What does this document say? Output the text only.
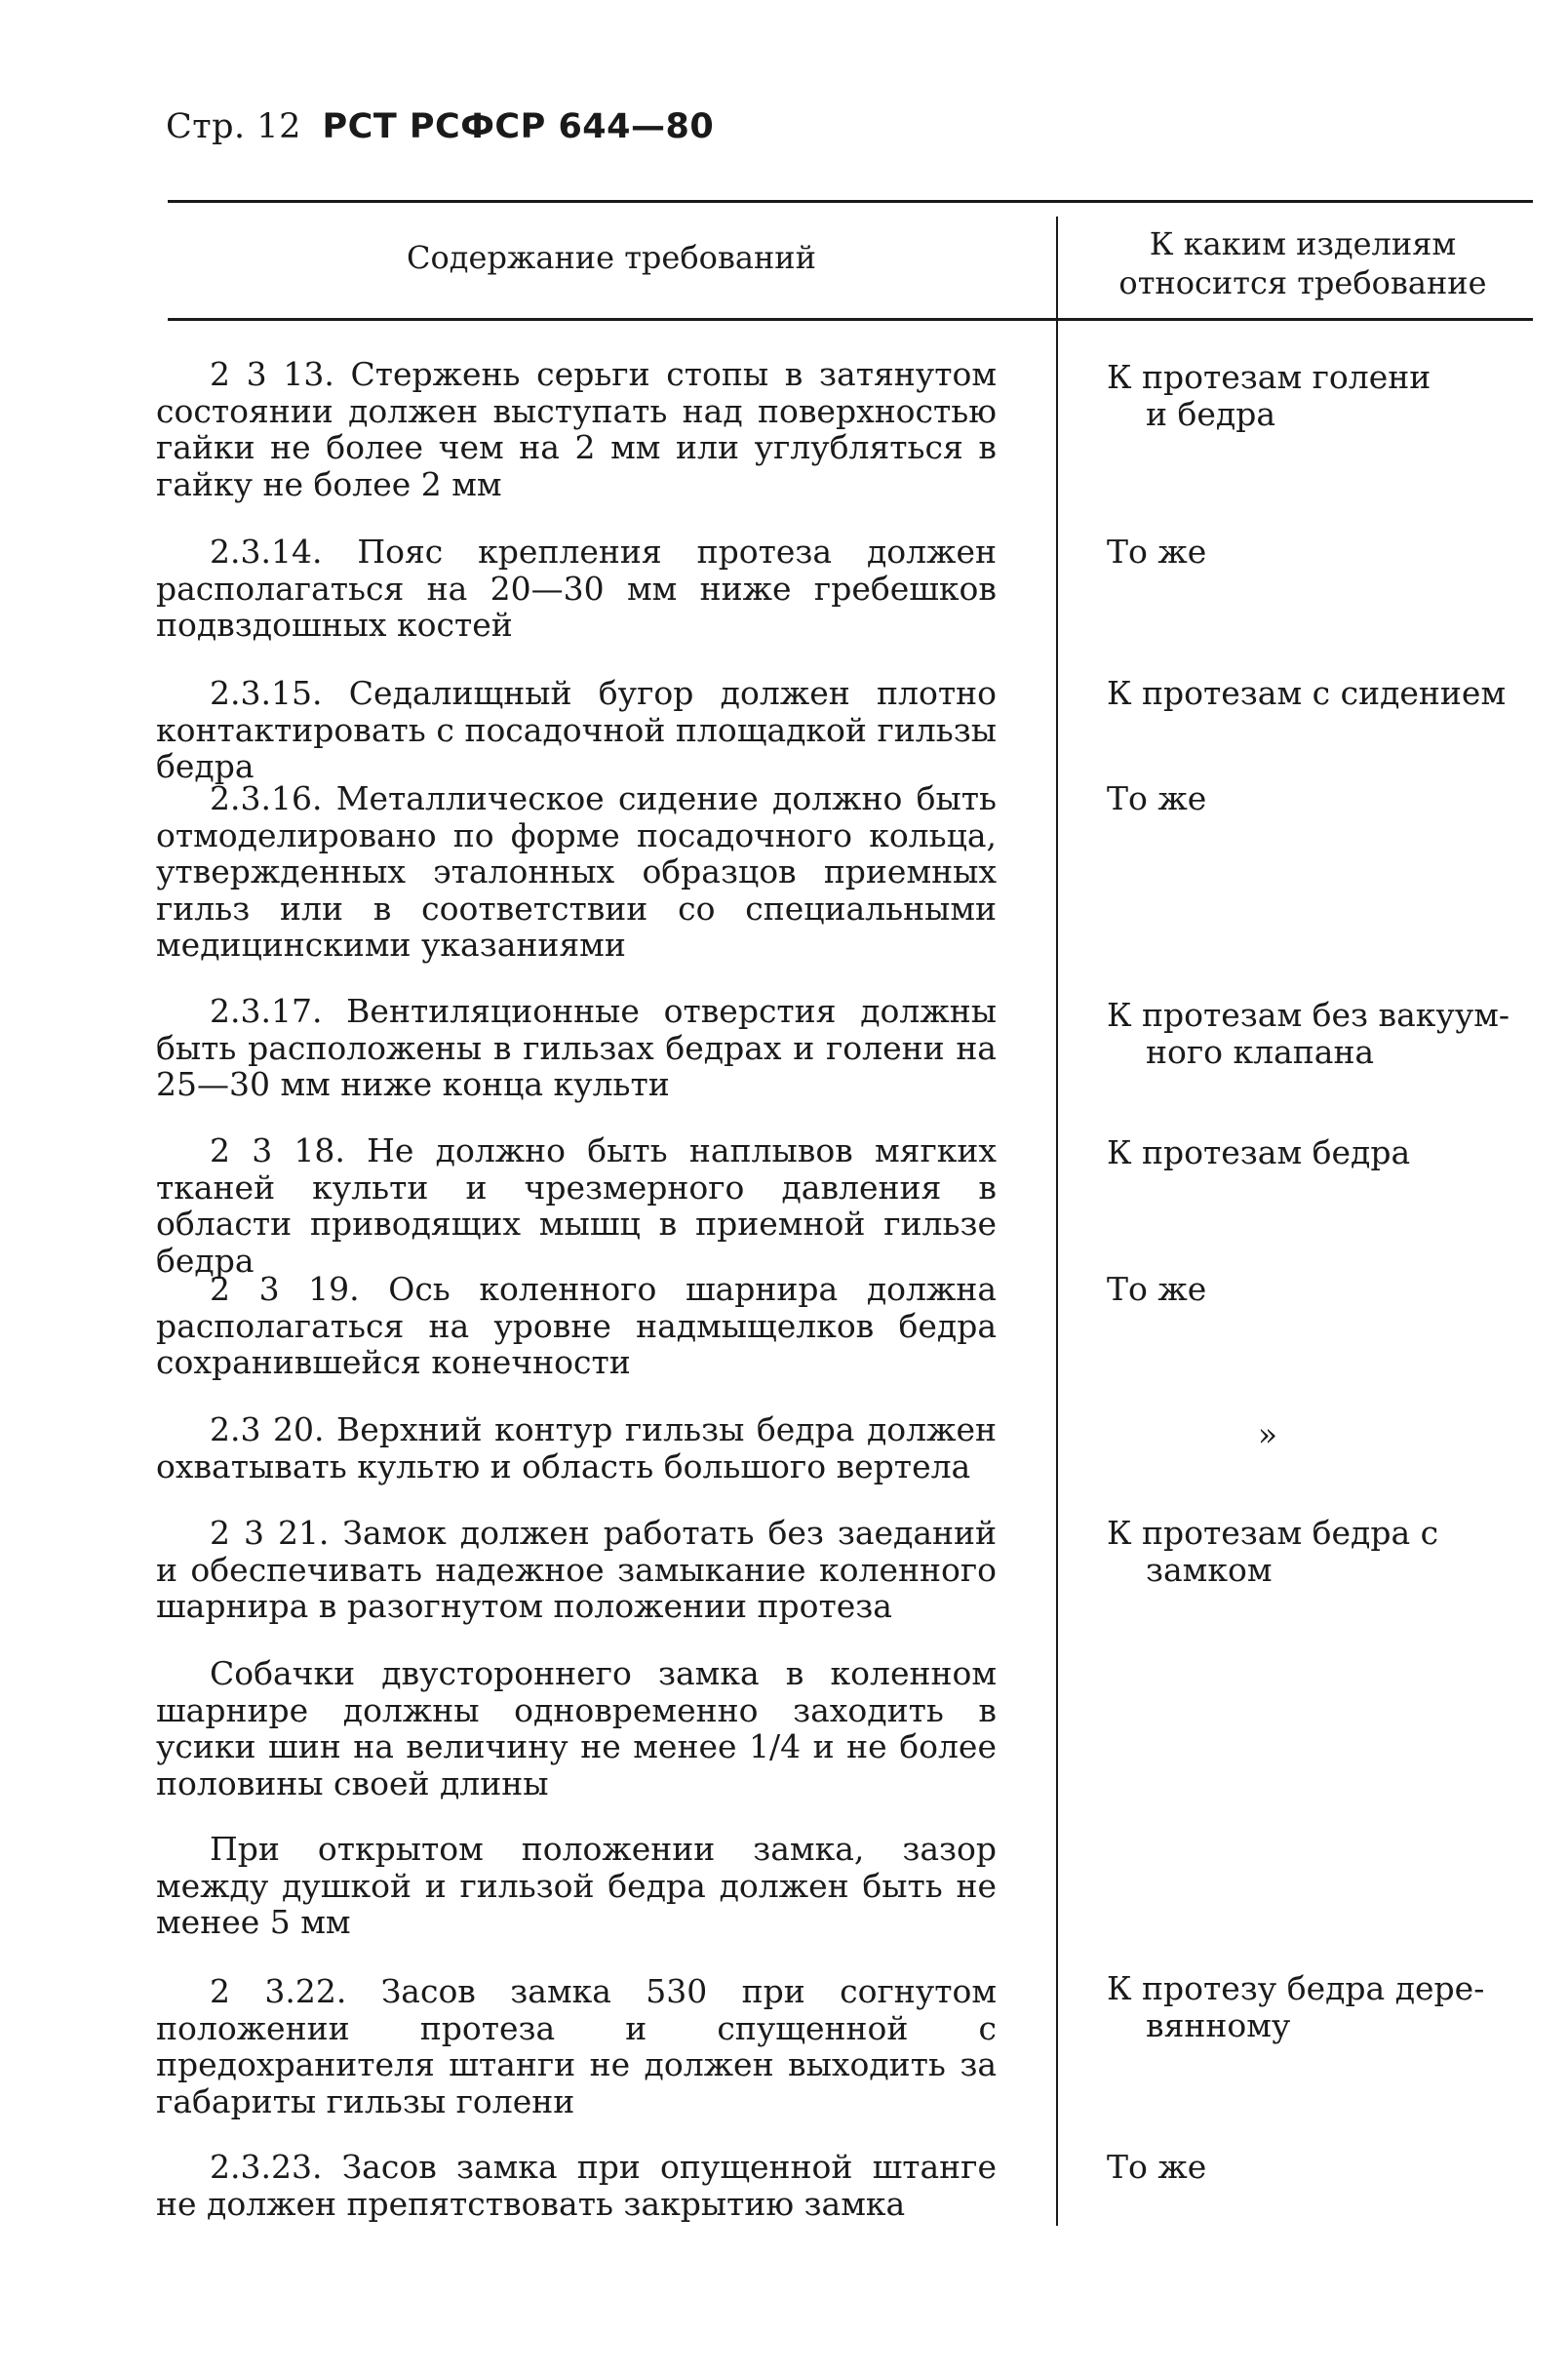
Стр. 12 РСТ РСФСР 644—80
Содержание требований	К каким изделиям
относится требование
2 3 13. Стержень серьги стопы в затянутом состоянии должен выступать над поверхностью гайки не более чем на 2 мм или углубляться в гайку не более 2 мм
К протезам голени
и бедра
2.3.14. Пояс крепления протеза должен располагаться на 20—30 мм ниже гребешков подвздошных костей
То же
2.3.15. Седалищный бугор должен плотно контактировать с посадочной площадкой гильзы бедра
К протезам с сидением
2.3.16. Металлическое сидение должно быть отмоделировано по форме посадочного кольца, утвержденных эталонных образцов приемных гильз или в соответствии со специальными медицинскими указаниями
То же
2.3.17. Вентиляционные отверстия должны быть расположены в гильзах бедрах и голени на 25—30 мм ниже конца культи
К протезам без вакуум-
ного клапана
2 3 18. Не должно быть наплывов мягких тканей культи и чрезмерного давления в области приводящих мышц в приемной гильзе бедра
К протезам бедра
2 3 19. Ось коленного шарнира должна располагаться на уровне надмыщелков бедра сохранившейся конечности
То же
2.3 20. Верхний контур гильзы бедра должен охватывать культю и область большого вертела
»
2 3 21. Замок должен работать без заеданий и обеспечивать надежное замыкание коленного шарнира в разогнутом положении протеза
К протезам бедра с
замком
Собачки двустороннего замка в коленном шарнире должны одновременно заходить в усики шин на величину не менее 1/4 и не более половины своей длины
При открытом положении замка, зазор между душкой и гильзой бедра должен быть не менее 5 мм
2 3.22. Засов замка 530 при согнутом положении протеза и спущенной с предохранителя штанги не должен выходить за габариты гильзы голени
К протезу бедра дере-
вянному
2.3.23. Засов замка при опущенной штанге не должен препятствовать закрытию замка
То же
